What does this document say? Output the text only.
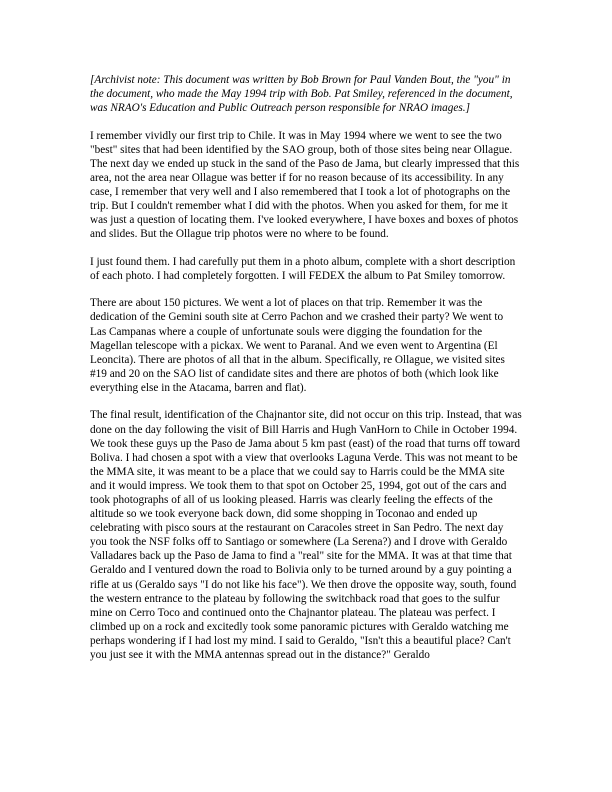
[Archivist note: This document was written by Bob Brown for Paul Vanden Bout, the "you" in the document, who made the May 1994 trip with Bob. Pat Smiley, referenced in the document, was NRAO's Education and Public Outreach person responsible for NRAO images.]

I remember vividly our first trip to Chile. It was in May 1994 where we went to see the two "best" sites that had been identified by the SAO group, both of those sites being near Ollague. The next day we ended up stuck in the sand of the Paso de Jama, but clearly impressed that this area, not the area near Ollague was better if for no reason because of its accessibility. In any case, I remember that very well and I also remembered that I took a lot of photographs on the trip. But I couldn't remember what I did with the photos. When you asked for them, for me it was just a question of locating them. I've looked everywhere, I have boxes and boxes of photos and slides. But the Ollague trip photos were no where to be found.

I just found them. I had carefully put them in a photo album, complete with a short description of each photo. I had completely forgotten. I will FEDEX the album to Pat Smiley tomorrow.

There are about 150 pictures. We went a lot of places on that trip. Remember it was the dedication of the Gemini south site at Cerro Pachon and we crashed their party? We went to Las Campanas where a couple of unfortunate souls were digging the foundation for the Magellan telescope with a pickax. We went to Paranal. And we even went to Argentina (El Leoncita). There are photos of all that in the album. Specifically, re Ollague, we visited sites #19 and 20 on the SAO list of candidate sites and there are photos of both (which look like everything else in the Atacama, barren and flat).

The final result, identification of the Chajnantor site, did not occur on this trip. Instead, that was done on the day following the visit of Bill Harris and Hugh VanHorn to Chile in October 1994. We took these guys up the Paso de Jama about 5 km past (east) of the road that turns off toward Boliva. I had chosen a spot with a view that overlooks Laguna Verde. This was not meant to be the MMA site, it was meant to be a place that we could say to Harris could be the MMA site and it would impress. We took them to that spot on October 25, 1994, got out of the cars and took photographs of all of us looking pleased. Harris was clearly feeling the effects of the altitude so we took everyone back down, did some shopping in Toconao and ended up celebrating with pisco sours at the restaurant on Caracoles street in San Pedro. The next day you took the NSF folks off to Santiago or somewhere (La Serena?) and I drove with Geraldo Valladares back up the Paso de Jama to find a "real" site for the MMA. It was at that time that Geraldo and I ventured down the road to Bolivia only to be turned around by a guy pointing a rifle at us (Geraldo says "I do not like his face"). We then drove the opposite way, south, found the western entrance to the plateau by following the switchback road that goes to the sulfur mine on Cerro Toco and continued onto the Chajnantor plateau. The plateau was perfect. I climbed up on a rock and excitedly took some panoramic pictures with Geraldo watching me perhaps wondering if I had lost my mind. I said to Geraldo, "Isn't this a beautiful place? Can't you just see it with the MMA antennas spread out in the distance?" Geraldo
